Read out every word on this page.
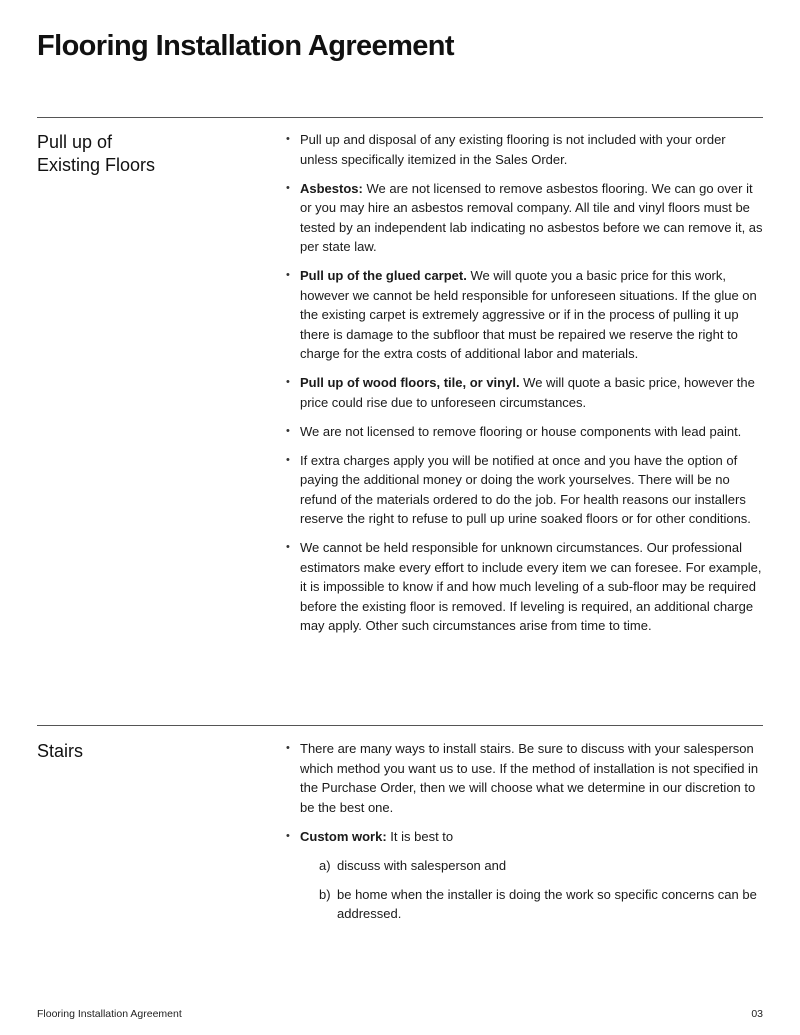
Flooring Installation Agreement
Pull up of
Existing Floors
• Pull up and disposal of any existing flooring is not included with your order unless specifically itemized in the Sales Order.
• Asbestos: We are not licensed to remove asbestos flooring. We can go over it or you may hire an asbestos removal company. All tile and vinyl floors must be tested by an independent lab indicating no asbestos before we can remove it, as per state law.
• Pull up of the glued carpet. We will quote you a basic price for this work, however we cannot be held responsible for unforeseen situations. If the glue on the existing carpet is extremely aggressive or if in the process of pulling it up there is damage to the subfloor that must be repaired we reserve the right to charge for the extra costs of additional labor and materials.
• Pull up of wood floors, tile, or vinyl. We will quote a basic price, however the price could rise due to unforeseen circumstances.
• We are not licensed to remove flooring or house components with lead paint.
• If extra charges apply you will be notified at once and you have the option of paying the additional money or doing the work yourselves. There will be no refund of the materials ordered to do the job. For health reasons our installers reserve the right to refuse to pull up urine soaked floors or for other conditions.
• We cannot be held responsible for unknown circumstances. Our professional estimators make every effort to include every item we can foresee. For example, it is impossible to know if and how much leveling of a sub-floor may be required before the existing floor is removed. If leveling is required, an additional charge may apply. Other such circumstances arise from time to time.
Stairs
•	There are many ways to install stairs. Be sure to discuss with your salesperson which method you want us to use. If the method of installation is not specified in the Purchase Order, then we will choose what we determine in our discretion to be the best one.
• Custom work: It is best to
a) discuss with salesperson and
b) be home when the installer is doing the work so specific concerns can be addressed.
Flooring Installation Agreement	03
